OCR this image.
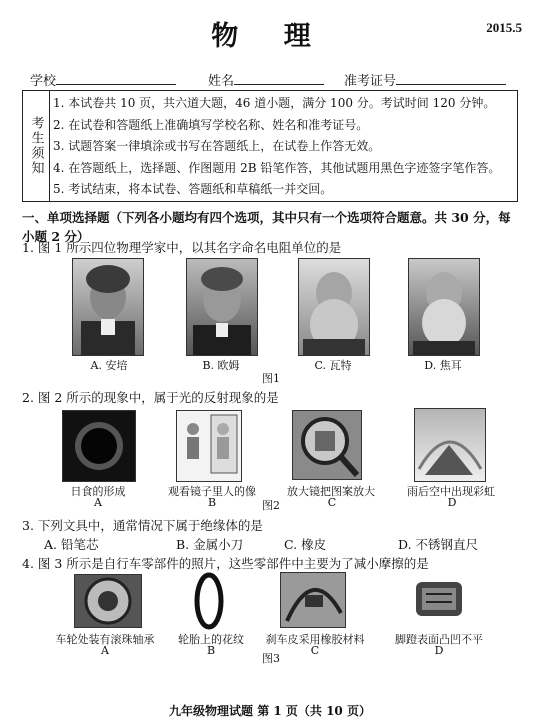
物 理	2015.5
学校	姓名	准考证号
考生须知
1. 本试卷共 10 页，共六道大题，46 道小题，满分 100 分。考试时间 120 分钟。
2. 在试卷和答题纸上准确填写学校名称、姓名和准考证号。
3. 试题答案一律填涂或书写在答题纸上，在试卷上作答无效。
4. 在答题纸上，选择题、作图题用 2B 铅笔作答，其他试题用黑色字迹签字笔作答。
5. 考试结束，将本试卷、答题纸和草稿纸一并交回。
一、单项选择题（下列各小题均有四个选项，其中只有一个选项符合题意。共 30 分，每小题 2 分）
1. 图 1 所示四位物理学家中，以其名字命名电阻单位的是
A. 安培	B. 欧姆	C. 瓦特	D. 焦耳
图1
2. 图 2 所示的现象中，属于光的反射现象的是
日食的形成	观看镜子里人的像	放大镜把图案放大	雨后空中出现彩虹
A	B	C	D
图2
3. 下列文具中，通常情况下属于绝缘体的是
A. 铅笔芯	B. 金属小刀	C. 橡皮	D. 不锈钢直尺
4. 图 3 所示是自行车零部件的照片，这些零部件中主要为了减小摩擦的是
车轮处装有滚珠轴承	轮胎上的花纹	刹车皮采用橡胶材料	脚蹬表面凸凹不平
A	B	C	D
图3
九年级物理试题 第 1 页（共 10 页）
